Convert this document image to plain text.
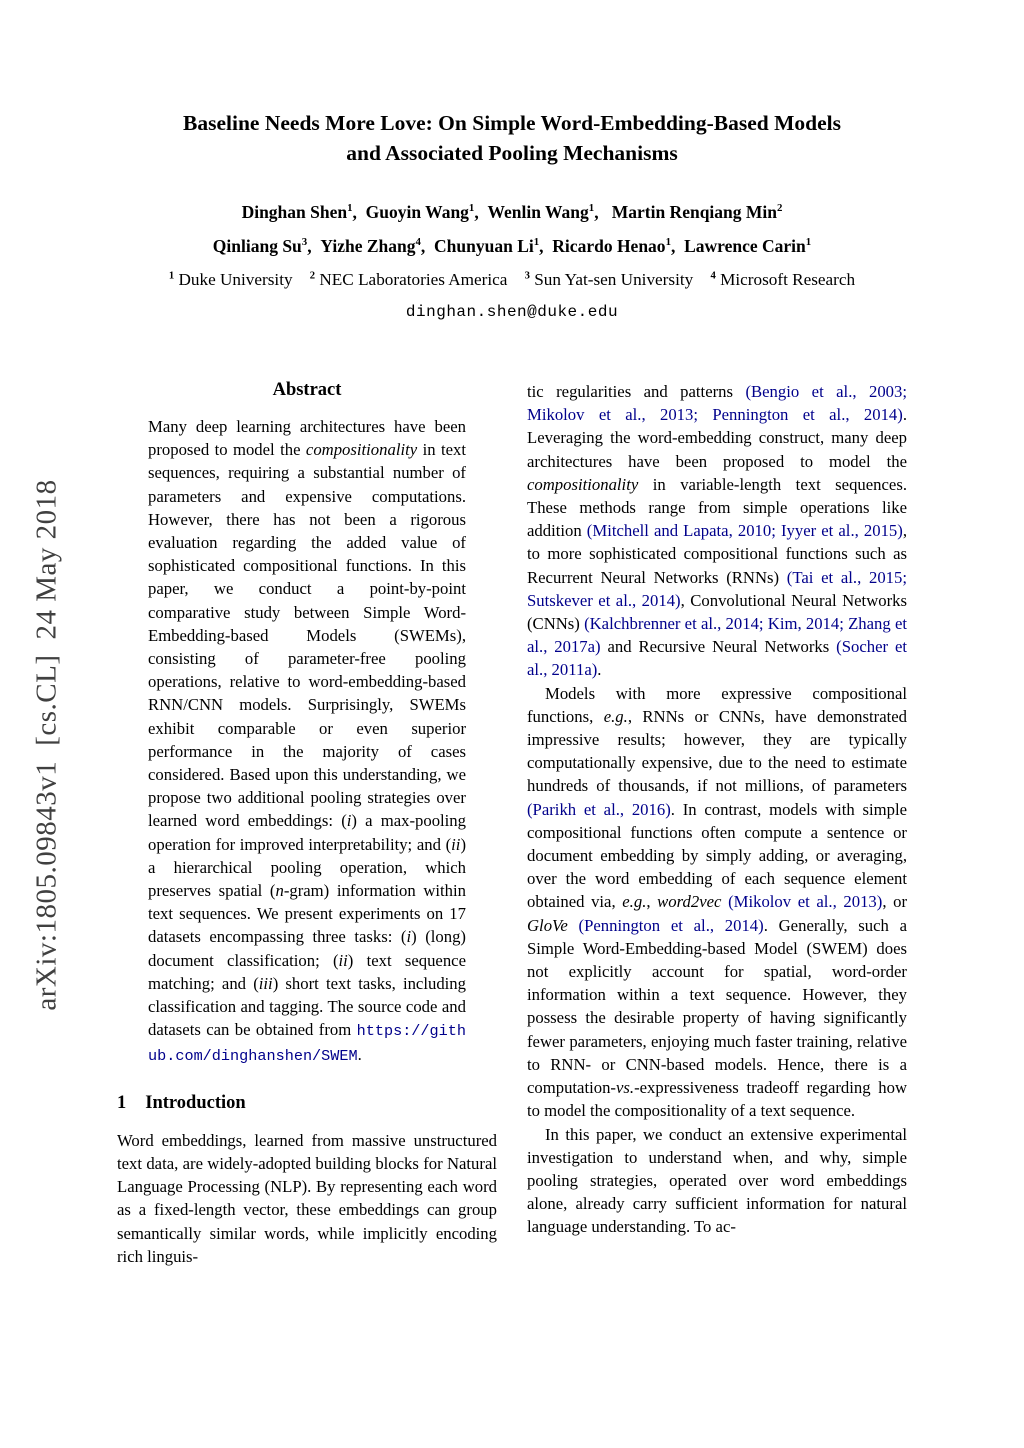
arXiv:1805.09843v1 [cs.CL] 24 May 2018
Baseline Needs More Love: On Simple Word-Embedding-Based Models
and Associated Pooling Mechanisms
Dinghan Shen$^1$, Guoyin Wang$^1$, Wenlin Wang$^1$,  Martin Renqiang Min$^2$
Qinliang Su$^3$, Yizhe Zhang$^4$, Chunyuan Li$^1$, Ricardo Henao$^1$, Lawrence Carin$^1$
$^1$ Duke University $^2$ NEC Laboratories America $^3$ Sun Yat-sen University $^4$ Microsoft Research
dinghan.shen@duke.edu
Abstract

Many deep learning architectures have been proposed to model the compositionality in text sequences, requiring a substantial number of parameters and expensive computations. However, there has not been a rigorous evaluation regarding the added value of sophisticated compositional functions. In this paper, we conduct a point-by-point comparative study between Simple Word-Embedding-based Models (SWEMs), consisting of parameter-free pooling operations, relative to word-embedding-based RNN/CNN models. Surprisingly, SWEMs exhibit comparable or even superior performance in the majority of cases considered. Based upon this understanding, we propose two additional pooling strategies over learned word embeddings: (i) a max-pooling operation for improved interpretability; and (ii) a hierarchical pooling operation, which preserves spatial (n-gram) information within text sequences. We present experiments on 17 datasets encompassing three tasks: (i) (long) document classification; (ii) text sequence matching; and (iii) short text tasks, including classification and tagging. The source code and datasets can be obtained from https://github.com/dinghanshen/SWEM.

1 Introduction

Word embeddings, learned from massive unstructured text data, are widely-adopted building blocks for Natural Language Processing (NLP). By representing each word as a fixed-length vector, these embeddings can group semantically similar words, while implicitly encoding rich linguis-

tic regularities and patterns (Bengio et al., 2003; Mikolov et al., 2013; Pennington et al., 2014). Leveraging the word-embedding construct, many deep architectures have been proposed to model the compositionality in variable-length text sequences. These methods range from simple operations like addition (Mitchell and Lapata, 2010; Iyyer et al., 2015), to more sophisticated compositional functions such as Recurrent Neural Networks (RNNs) (Tai et al., 2015; Sutskever et al., 2014), Convolutional Neural Networks (CNNs) (Kalchbrenner et al., 2014; Kim, 2014; Zhang et al., 2017a) and Recursive Neural Networks (Socher et al., 2011a).

Models with more expressive compositional functions, e.g., RNNs or CNNs, have demonstrated impressive results; however, they are typically computationally expensive, due to the need to estimate hundreds of thousands, if not millions, of parameters (Parikh et al., 2016). In contrast, models with simple compositional functions often compute a sentence or document embedding by simply adding, or averaging, over the word embedding of each sequence element obtained via, e.g., word2vec (Mikolov et al., 2013), or GloVe (Pennington et al., 2014). Generally, such a Simple Word-Embedding-based Model (SWEM) does not explicitly account for spatial, word-order information within a text sequence. However, they possess the desirable property of having significantly fewer parameters, enjoying much faster training, relative to RNN- or CNN-based models. Hence, there is a computation-vs.-expressiveness tradeoff regarding how to model the compositionality of a text sequence.

In this paper, we conduct an extensive experimental investigation to understand when, and why, simple pooling strategies, operated over word embeddings alone, already carry sufficient information for natural language understanding. To ac-
